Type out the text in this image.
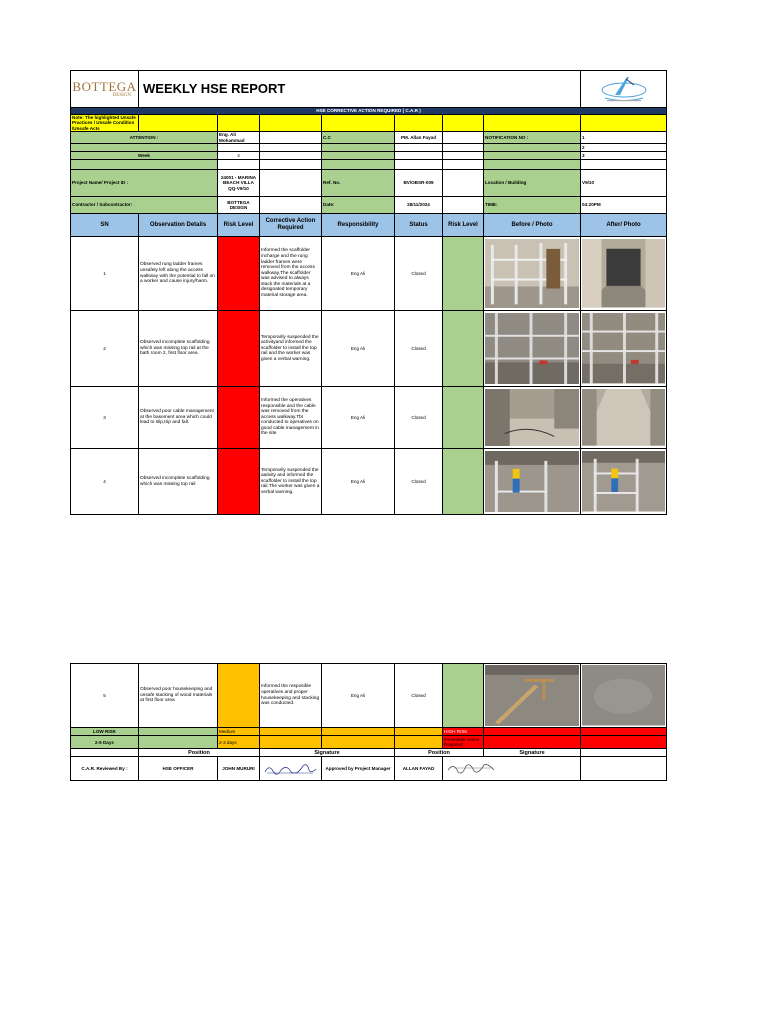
BOTTEGA
DESIGN	WEEKLY HSE REPORT	
HSE CORRECTIVE ACTION REQUIRED ( C.A.R )								
Note: The highlighted Unsafe Practices / Unsafe Condition /Unsafe Acts								
ATTENTION :		Eng. Ali Mohammad		C.C	PM. Allan Fayad		NOTIFICATION NO :	1
								2
Week		4						3

Project Name/ Project ID :		24001 - MARINA BEACH VILLA QQ-V9/10		Ref. No.	BV/OBSR-009		Location / Building	V9/10
Contractor / Subcontractor:		BOTTEGA DESIGN		Date:	28/11/2024		TIME:	04:20PM
SN	Observation Details	Risk Level	Corrective Action Required	Responsibility	Status	Risk Level	Before / Photo	After/ Photo
1	Observed rung ladder frames unsafely left along the access walkway with the potential to fall on a worker and cause injury/harm.		Informed the scaffolder incharge and the rung ladder frames were removed from the access walkway.The scaffolder was advised to always stack the materials at a designated temporary material storage area.	Eng Ali	Closed		

2	Observed incomplete scaffolding which was missing top rail at the bath room 2, first floor area.		Temporarily suspended the activityand informed the scaffolder to install the top rail and the worker was given a verbal warning.	Eng Ali	Closed		

3	Observed poor cable management at the basement area which could lead to slip,trip and fall.		Informed the operatives responsible and the cable was removed from the access walkway.TbI conducted to operatives on good cable management in the site	Eng Ali	Closed		

4	Observed incomplete scaffolding which was missing top rail		Temporarily suspended the aativity and informed the scaffolder to install the top rail.The worker was given a verbal warning.	Eng Ali	Closed		

5	Observed poor housekeeping and unsafe stacking of wood materials at first floor area		Informed the resposible operatives and proper housekeeping and stacking was conducted.	Eng Ali	Closed		

LOW RISK		Medium				HIGH RISK		
2-5 Days		2-3 days				Immediate Action Required		
	Position		Signature		Position		Signature	
C.A.R. Reviewed By :	HSE OFFICER	JOHN MURURI		Approved by Project Manager	ALLAN FAYAD	
